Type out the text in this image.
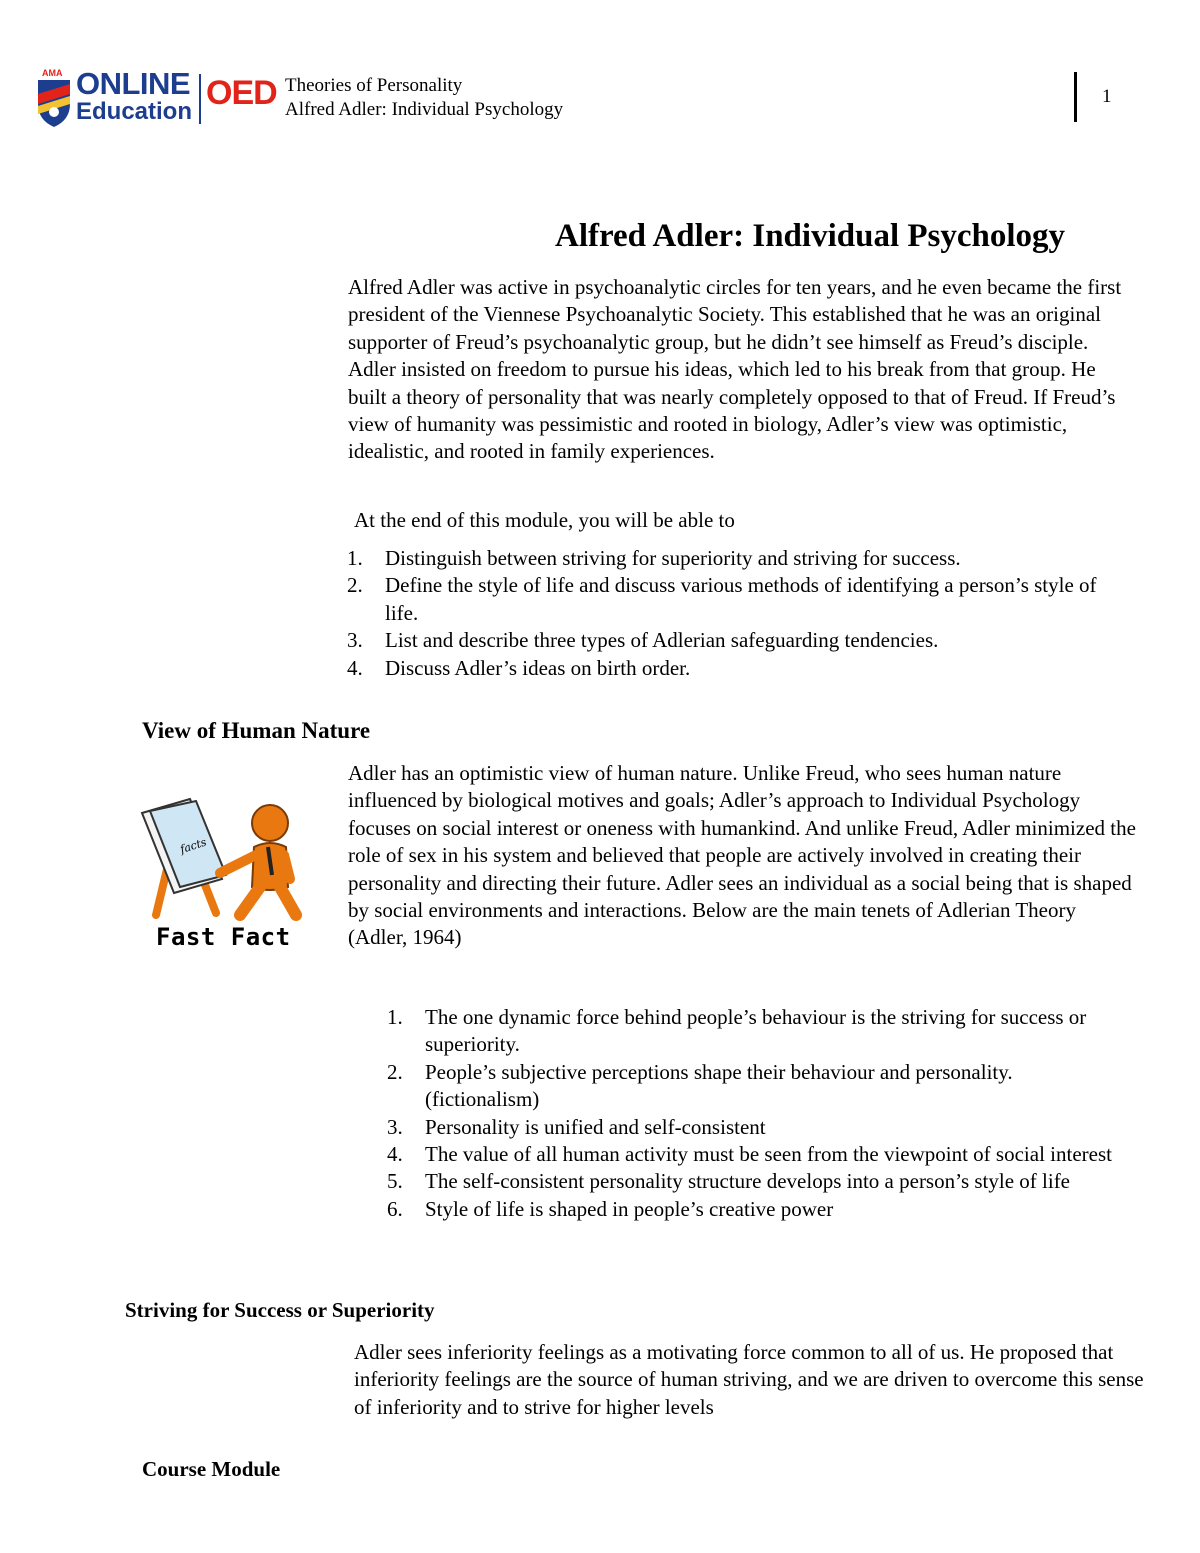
AMA ONLINE
Education OED Theories of Personality
Alfred Adler: Individual Psychology
1
Alfred Adler: Individual Psychology

Alfred Adler was active in psychoanalytic circles for ten years, and he even became the first president of the Viennese Psychoanalytic Society. This established that he was an original supporter of Freud’s psychoanalytic group, but he didn’t see himself as Freud’s disciple. Adler insisted on freedom to pursue his ideas, which led to his break from that group. He built a theory of personality that was nearly completely opposed to that of Freud. If Freud’s view of humanity was pessimistic and rooted in biology, Adler’s view was optimistic, idealistic, and rooted in family experiences.

At the end of this module, you will be able to
1. Distinguish between striving for superiority and striving for success.
2. Define the style of life and discuss various methods of identifying a person’s style of life.
3. List and describe three types of Adlerian safeguarding tendencies.
4. Discuss Adler’s ideas on birth order.
View of Human Nature
facts
Fast Fact

Adler has an optimistic view of human nature. Unlike Freud, who sees human nature influenced by biological motives and goals; Adler’s approach to Individual Psychology focuses on social interest or oneness with humankind. And unlike Freud, Adler minimized the role of sex in his system and believed that people are actively involved in creating their personality and directing their future. Adler sees an individual as a social being that is shaped by social environments and interactions. Below are the main tenets of Adlerian Theory (Adler, 1964)

1. The one dynamic force behind people’s behaviour is the striving for success or superiority.
2. People’s subjective perceptions shape their behaviour and personality. (fictionalism)
3. Personality is unified and self-consistent
4. The value of all human activity must be seen from the viewpoint of social interest
5. The self-consistent personality structure develops into a person’s style of life
6. Style of life is shaped in people’s creative power
Striving for Success or Superiority

Adler sees inferiority feelings as a motivating force common to all of us. He proposed that inferiority feelings are the source of human striving, and we are driven to overcome this sense of inferiority and to strive for higher levels

Course Module
